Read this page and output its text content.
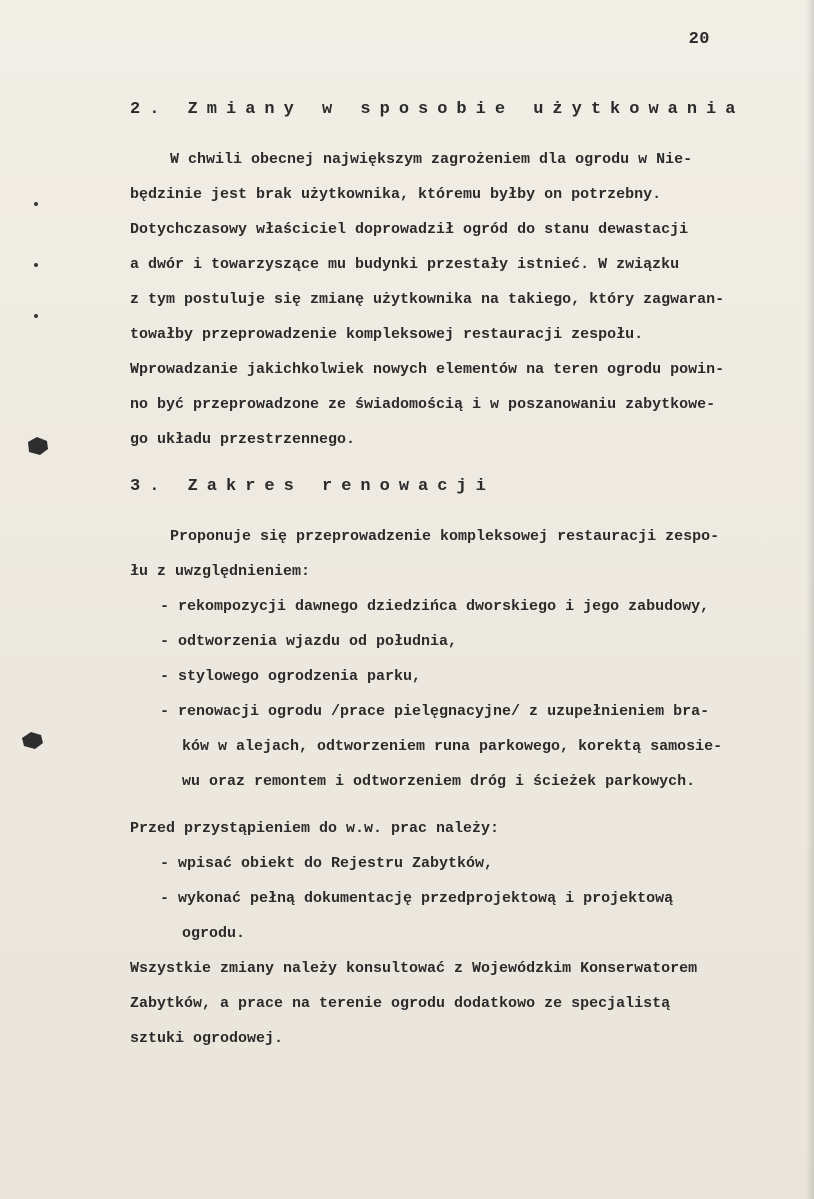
20
2. Zmiany w sposobie użytkowania
W chwili obecnej największym zagrożeniem dla ogrodu w Nie-
będzinie jest brak użytkownika, któremu byłby on potrzebny.
Dotychczasowy właściciel doprowadził ogród do stanu dewastacji
a dwór i towarzyszące mu budynki przestały istnieć. W związku
z tym postuluje się zmianę użytkownika na takiego, który zagwaran-
towałby przeprowadzenie kompleksowej restauracji zespołu.
Wprowadzanie jakichkolwiek nowych elementów na teren ogrodu powin-
no być przeprowadzone ze świadomością i w poszanowaniu zabytkowe-
go układu przestrzennego.
3. Zakres renowacji
Proponuje się przeprowadzenie kompleksowej restauracji zespo-
łu z uwzględnieniem:
- rekompozycji dawnego dziedzińca dworskiego i jego zabudowy,
- odtworzenia wjazdu od południa,
- stylowego ogrodzenia parku,
- renowacji ogrodu /prace pielęgnacyjne/ z uzupełnieniem bra-
ków w alejach, odtworzeniem runa parkowego, korektą samosie-
wu oraz remontem i odtworzeniem dróg i ścieżek parkowych.
Przed przystąpieniem do w.w. prac należy:
- wpisać obiekt do Rejestru Zabytków,
- wykonać pełną dokumentację przedprojektową i projektową
ogrodu.
Wszystkie zmiany należy konsultować z Wojewódzkim Konserwatorem
Zabytków, a prace na terenie ogrodu dodatkowo ze specjalistą
sztuki ogrodowej.
